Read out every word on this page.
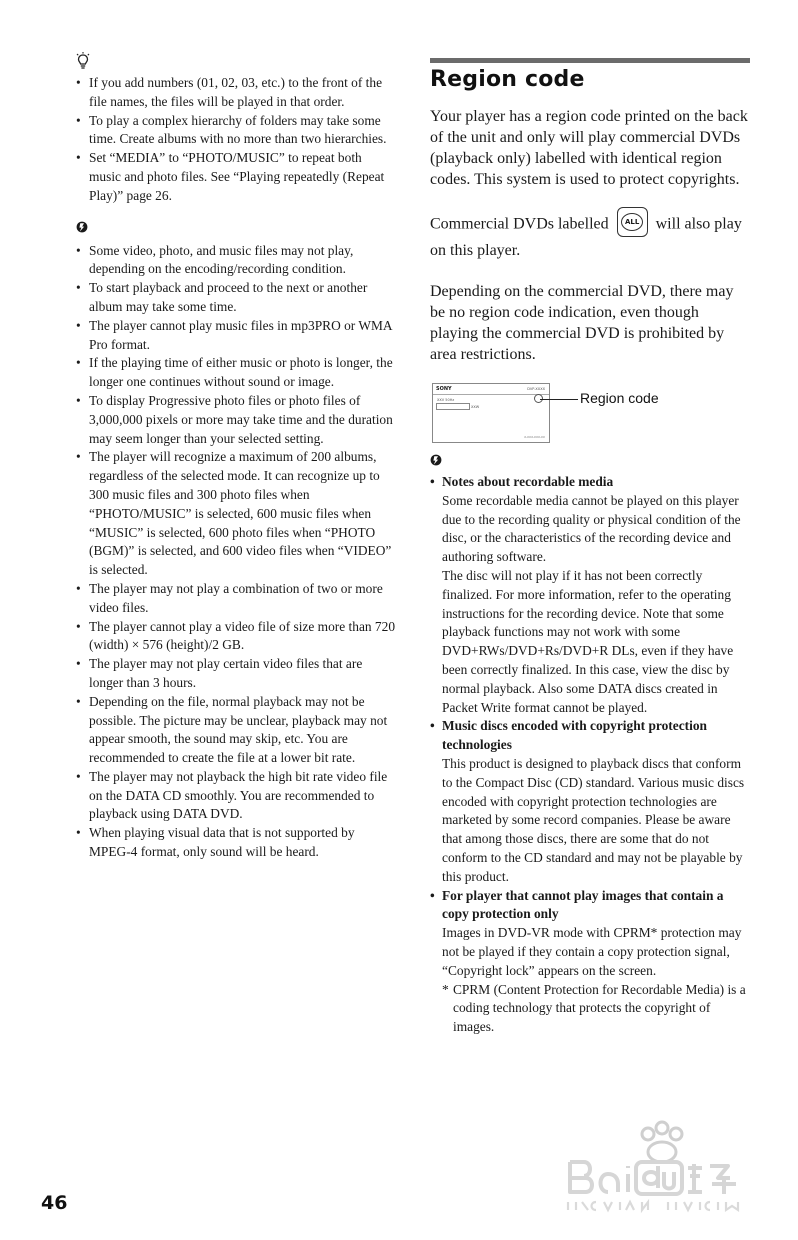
• If you add numbers (01, 02, 03, etc.) to the front of the file names, the files will be played in that order.
• To play a complex hierarchy of folders may take some time. Create albums with no more than two hierarchies.
• Set “MEDIA” to “PHOTO/MUSIC” to repeat both music and photo files. See “Playing repeatedly (Repeat Play)” page 26.
• Some video, photo, and music files may not play, depending on the encoding/recording condition.
• To start playback and proceed to the next or another album may take some time.
• The player cannot play music files in mp3PRO or WMA Pro format.
• If the playing time of either music or photo is longer, the longer one continues without sound or image.
• To display Progressive photo files or photo files of 3,000,000 pixels or more may take time and the duration may seem longer than your selected setting.
• The player will recognize a maximum of 200 albums, regardless of the selected mode. It can recognize up to 300 music files and 300 photo files when “PHOTO/MUSIC” is selected, 600 music files when “MUSIC” is selected, 600 photo files when “PHOTO (BGM)” is selected, and 600 video files when “VIDEO” is selected.
• The player may not play a combination of two or more video files.
• The player cannot play a video file of size more than 720 (width) × 576 (height)/2 GB.
• The player may not play certain video files that are longer than 3 hours.
• Depending on the file, normal playback may not be possible. The picture may be unclear, playback may not appear smooth, the sound may skip, etc. You are recommended to create the file at a lower bit rate.
• The player may not playback the high bit rate video file on the DATA CD smoothly. You are recommended to playback using DATA DVD.
• When playing visual data that is not supported by MPEG-4 format, only sound will be heard.
Region code

Your player has a region code printed on the back of the unit and only will play commercial DVDs (playback only) labelled with identical region codes. This system is used to protect copyrights.

Commercial DVDs labelled ALL will also play on this player.

Depending on the commercial DVD, there may be no region code indication, even though playing the commercial DVD is prohibited by area restrictions.

SONY	DVP-XXXX
XXV 50Hz
XXW
X-XXX-XXX-XX
Region code
• Notes about recordable media
Some recordable media cannot be played on this player due to the recording quality or physical condition of the disc, or the characteristics of the recording device and authoring software.
The disc will not play if it has not been correctly finalized. For more information, refer to the operating instructions for the recording device. Note that some playback functions may not work with some DVD+RWs/DVD+Rs/DVD+R DLs, even if they have been correctly finalized. In this case, view the disc by normal playback. Also some DATA discs created in Packet Write format cannot be played.
• Music discs encoded with copyright protection technologies
This product is designed to playback discs that conform to the Compact Disc (CD) standard. Various music discs encoded with copyright protection technologies are marketed by some record companies. Please be aware that among those discs, there are some that do not conform to the CD standard and may not be playable by this product.
• For player that cannot play images that contain a copy protection only
Images in DVD-VR mode with CPRM* protection may not be played if they contain a copy protection signal, “Copyright lock” appears on the screen.
* CPRM (Content Protection for Recordable Media) is a coding technology that protects the copyright of images.
46
